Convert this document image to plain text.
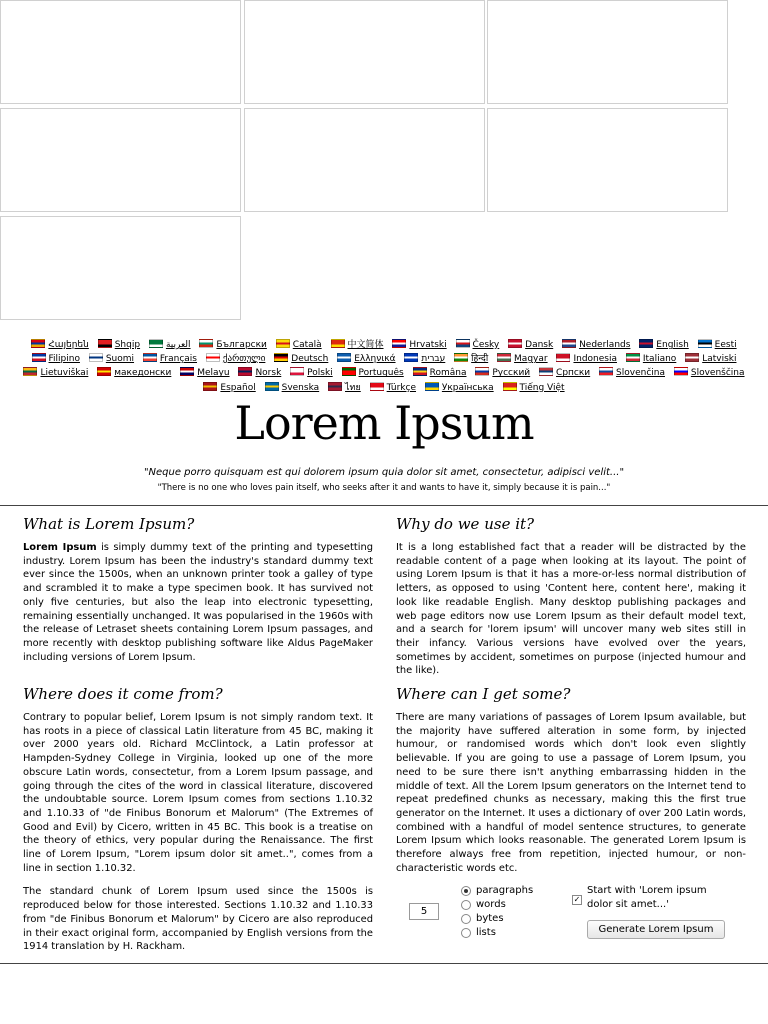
Հայերեն	Shqip	العربية	Български	Català	中文简体	Hrvatski	Česky	Dansk	Nederlands	English	Eesti Filipino	Suomi	Français	ქართული	Deutsch	Ελληνικά	עברית	हिन्दी	Magyar	Indonesia	Italiano	Latviski Lietuviškai	македонски	Melayu	Norsk	Polski	Português	Româna	Pусский	Српски	Slovenčina	Slovenščina Español	Svenska	ไทย	Türkçe	Українська	Tiếng Việt
Lorem Ipsum
"Neque porro quisquam est qui dolorem ipsum quia dolor sit amet, consectetur, adipisci velit..."
"There is no one who loves pain itself, who seeks after it and wants to have it, simply because it is pain..."
What is Lorem Ipsum?

Lorem Ipsum is simply dummy text of the printing and typesetting industry. Lorem Ipsum has been the industry's standard dummy text ever since the 1500s, when an unknown printer took a galley of type and scrambled it to make a type specimen book. It has survived not only five centuries, but also the leap into electronic typesetting, remaining essentially unchanged. It was popularised in the 1960s with the release of Letraset sheets containing Lorem Ipsum passages, and more recently with desktop publishing software like Aldus PageMaker including versions of Lorem Ipsum.

Where does it come from?

Contrary to popular belief, Lorem Ipsum is not simply random text. It has roots in a piece of classical Latin literature from 45 BC, making it over 2000 years old. Richard McClintock, a Latin professor at Hampden-Sydney College in Virginia, looked up one of the more obscure Latin words, consectetur, from a Lorem Ipsum passage, and going through the cites of the word in classical literature, discovered the undoubtable source. Lorem Ipsum comes from sections 1.10.32 and 1.10.33 of "de Finibus Bonorum et Malorum" (The Extremes of Good and Evil) by Cicero, written in 45 BC. This book is a treatise on the theory of ethics, very popular during the Renaissance. The first line of Lorem Ipsum, "Lorem ipsum dolor sit amet..", comes from a line in section 1.10.32.

The standard chunk of Lorem Ipsum used since the 1500s is reproduced below for those interested. Sections 1.10.32 and 1.10.33 from "de Finibus Bonorum et Malorum" by Cicero are also reproduced in their exact original form, accompanied by English versions from the 1914 translation by H. Rackham.

Why do we use it?

It is a long established fact that a reader will be distracted by the readable content of a page when looking at its layout. The point of using Lorem Ipsum is that it has a more-or-less normal distribution of letters, as opposed to using 'Content here, content here', making it look like readable English. Many desktop publishing packages and web page editors now use Lorem Ipsum as their default model text, and a search for 'lorem ipsum' will uncover many web sites still in their infancy. Various versions have evolved over the years, sometimes by accident, sometimes on purpose (injected humour and the like).

Where can I get some?

There are many variations of passages of Lorem Ipsum available, but the majority have suffered alteration in some form, by injected humour, or randomised words which don't look even slightly believable. If you are going to use a passage of Lorem Ipsum, you need to be sure there isn't anything embarrassing hidden in the middle of text. All the Lorem Ipsum generators on the Internet tend to repeat predefined chunks as necessary, making this the first true generator on the Internet. It uses a dictionary of over 200 Latin words, combined with a handful of model sentence structures, to generate Lorem Ipsum which looks reasonable. The generated Lorem Ipsum is therefore always free from repetition, injected humour, or non-characteristic words etc.

5
paragraphs
words
bytes
lists
✓
Start with 'Lorem ipsum dolor sit amet...'
Generate Lorem Ipsum
